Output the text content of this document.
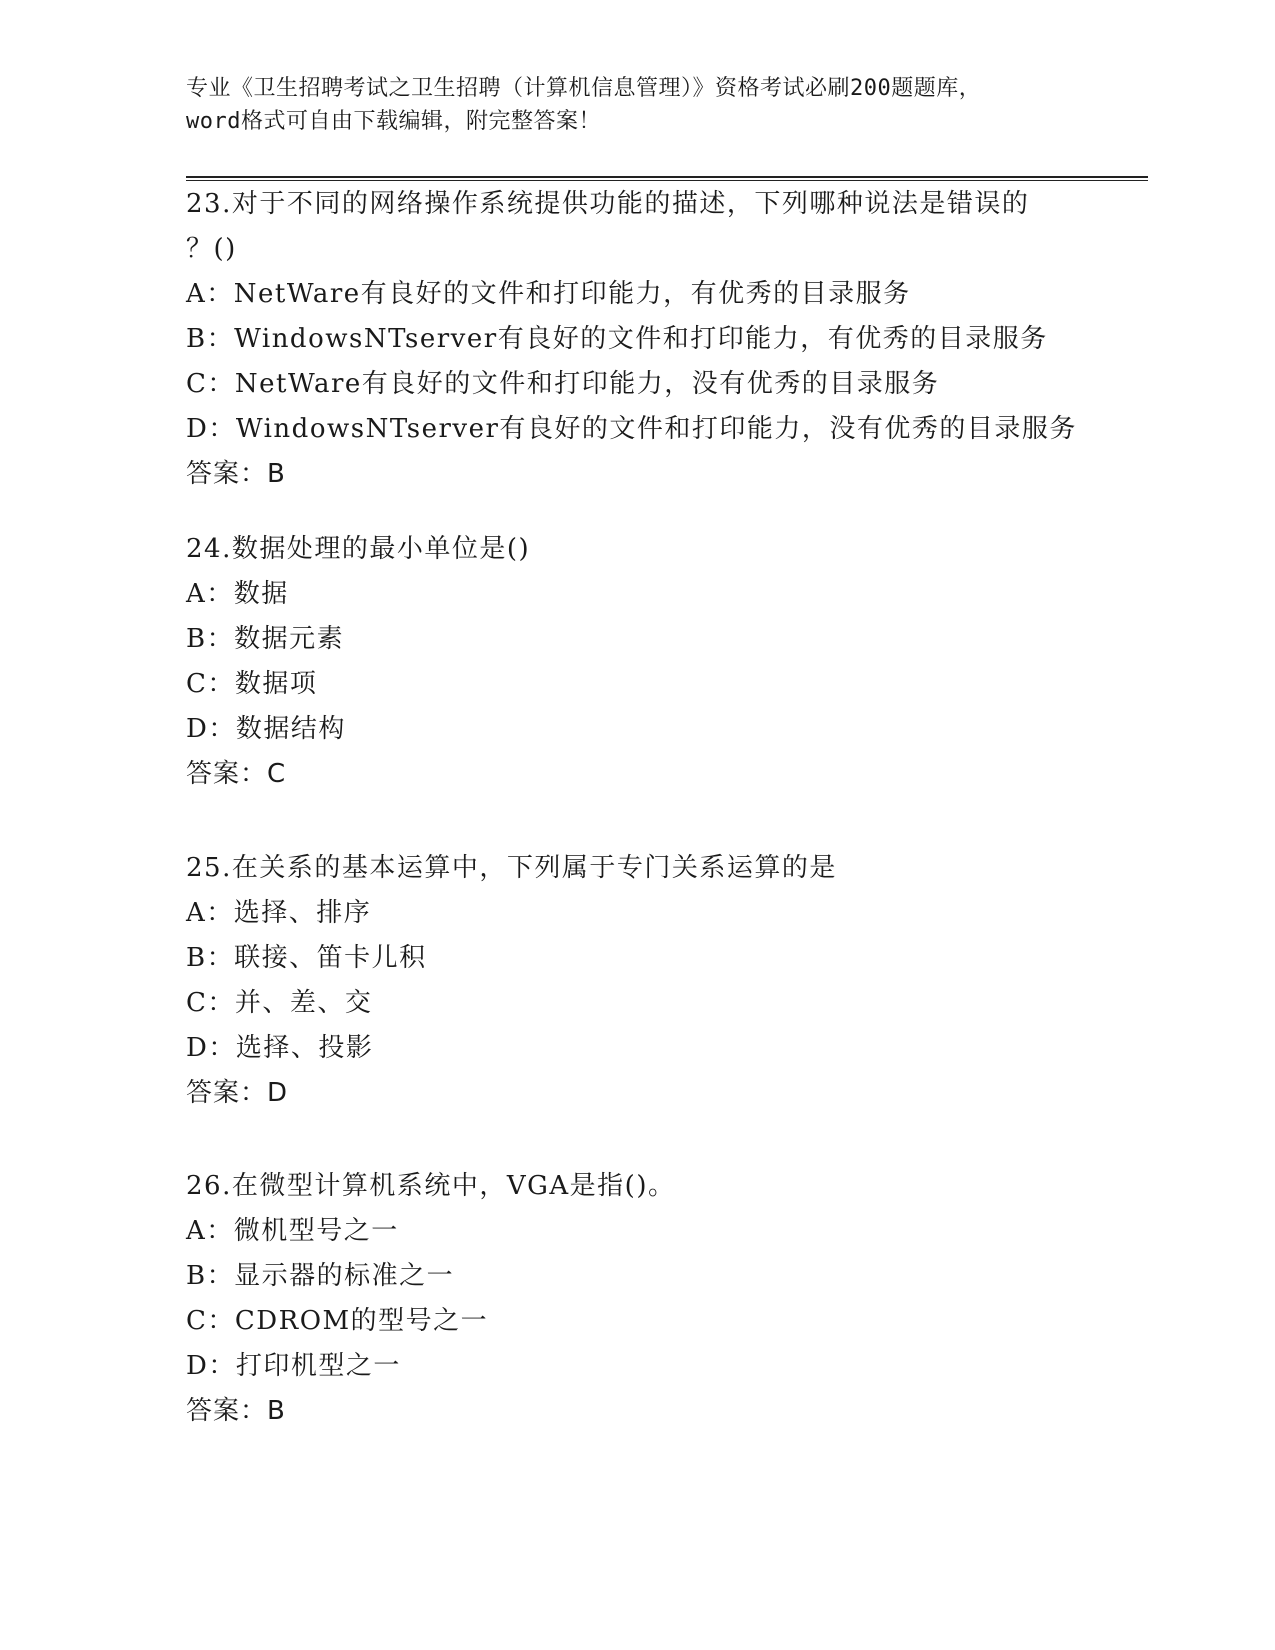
专业《卫生招聘考试之卫生招聘（计算机信息管理）》资格考试必刷200题题库，
word格式可自由下载编辑，附完整答案！

23.对于不同的网络操作系统提供功能的描述，下列哪种说法是错误的

？()

A：NetWare有良好的文件和打印能力，有优秀的目录服务

B：WindowsNTserver有良好的文件和打印能力，有优秀的目录服务

C：NetWare有良好的文件和打印能力，没有优秀的目录服务

D：WindowsNTserver有良好的文件和打印能力，没有优秀的目录服务

答案：B

24.数据处理的最小单位是()

A：数据

B：数据元素

C：数据项

D：数据结构

答案：C

25.在关系的基本运算中，下列属于专门关系运算的是

A：选择、排序

B：联接、笛卡儿积

C：并、差、交

D：选择、投影

答案：D

26.在微型计算机系统中，VGA是指()。

A：微机型号之一

B：显示器的标准之一

C：CDROM的型号之一

D：打印机型之一

答案：B
